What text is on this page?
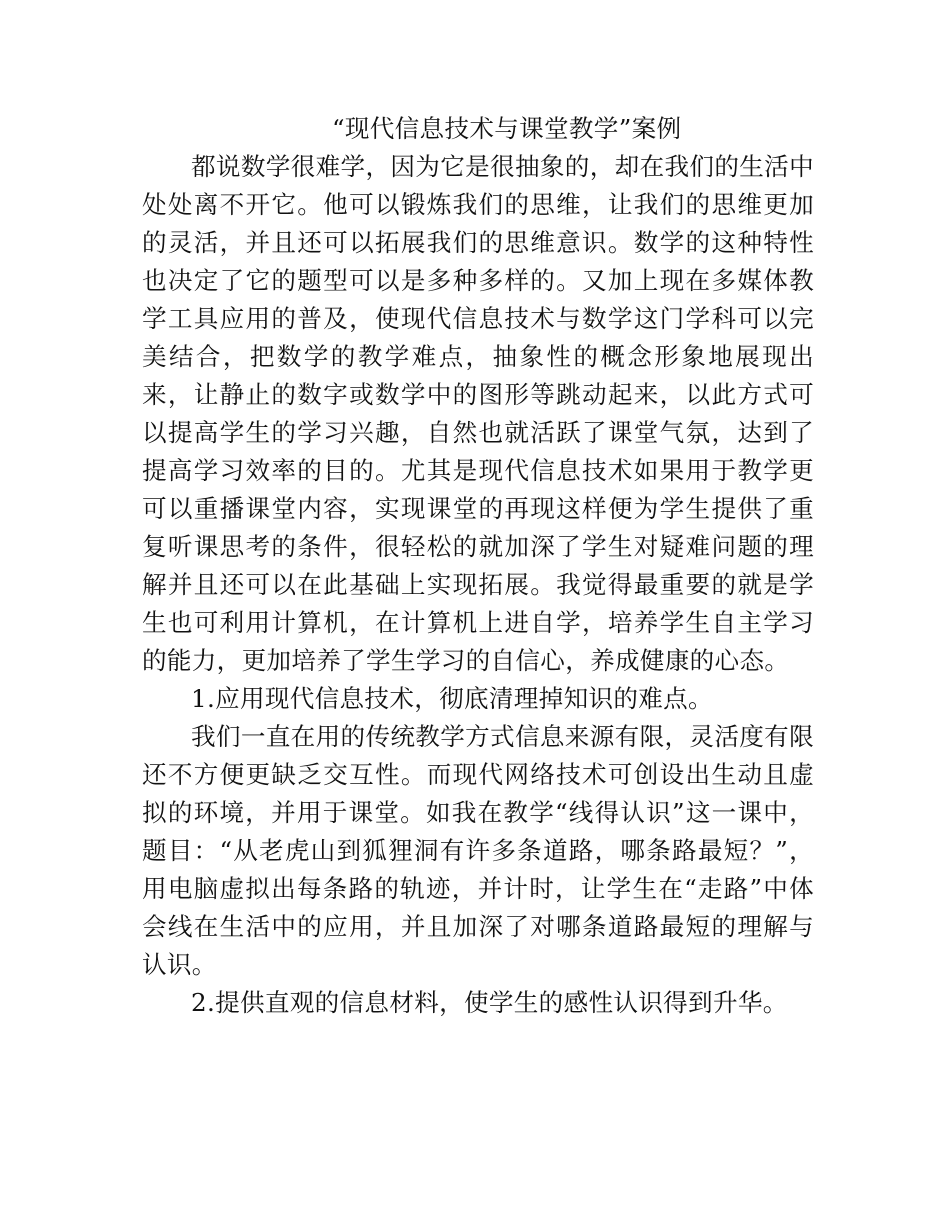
“现代信息技术与课堂教学”案例

都说数学很难学，因为它是很抽象的，却在我们的生活中处处离不开它。他可以锻炼我们的思维，让我们的思维更加的灵活，并且还可以拓展我们的思维意识。数学的这种特性也决定了它的题型可以是多种多样的。又加上现在多媒体教学工具应用的普及，使现代信息技术与数学这门学科可以完美结合，把数学的教学难点，抽象性的概念形象地展现出来，让静止的数字或数学中的图形等跳动起来，以此方式可以提高学生的学习兴趣，自然也就活跃了课堂气氛，达到了提高学习效率的目的。尤其是现代信息技术如果用于教学更可以重播课堂内容，实现课堂的再现这样便为学生提供了重复听课思考的条件，很轻松的就加深了学生对疑难问题的理解并且还可以在此基础上实现拓展。我觉得最重要的就是学生也可利用计算机，在计算机上进自学，培养学生自主学习的能力，更加培养了学生学习的自信心，养成健康的心态。

1.应用现代信息技术，彻底清理掉知识的难点。

我们一直在用的传统教学方式信息来源有限，灵活度有限还不方便更缺乏交互性。而现代网络技术可创设出生动且虚拟的环境，并用于课堂。如我在教学“线得认识”这一课中，题目：“从老虎山到狐狸洞有许多条道路，哪条路最短？”，用电脑虚拟出每条路的轨迹，并计时，让学生在“走路”中体会线在生活中的应用，并且加深了对哪条道路最短的理解与认识。

2.提供直观的信息材料，使学生的感性认识得到升华。
